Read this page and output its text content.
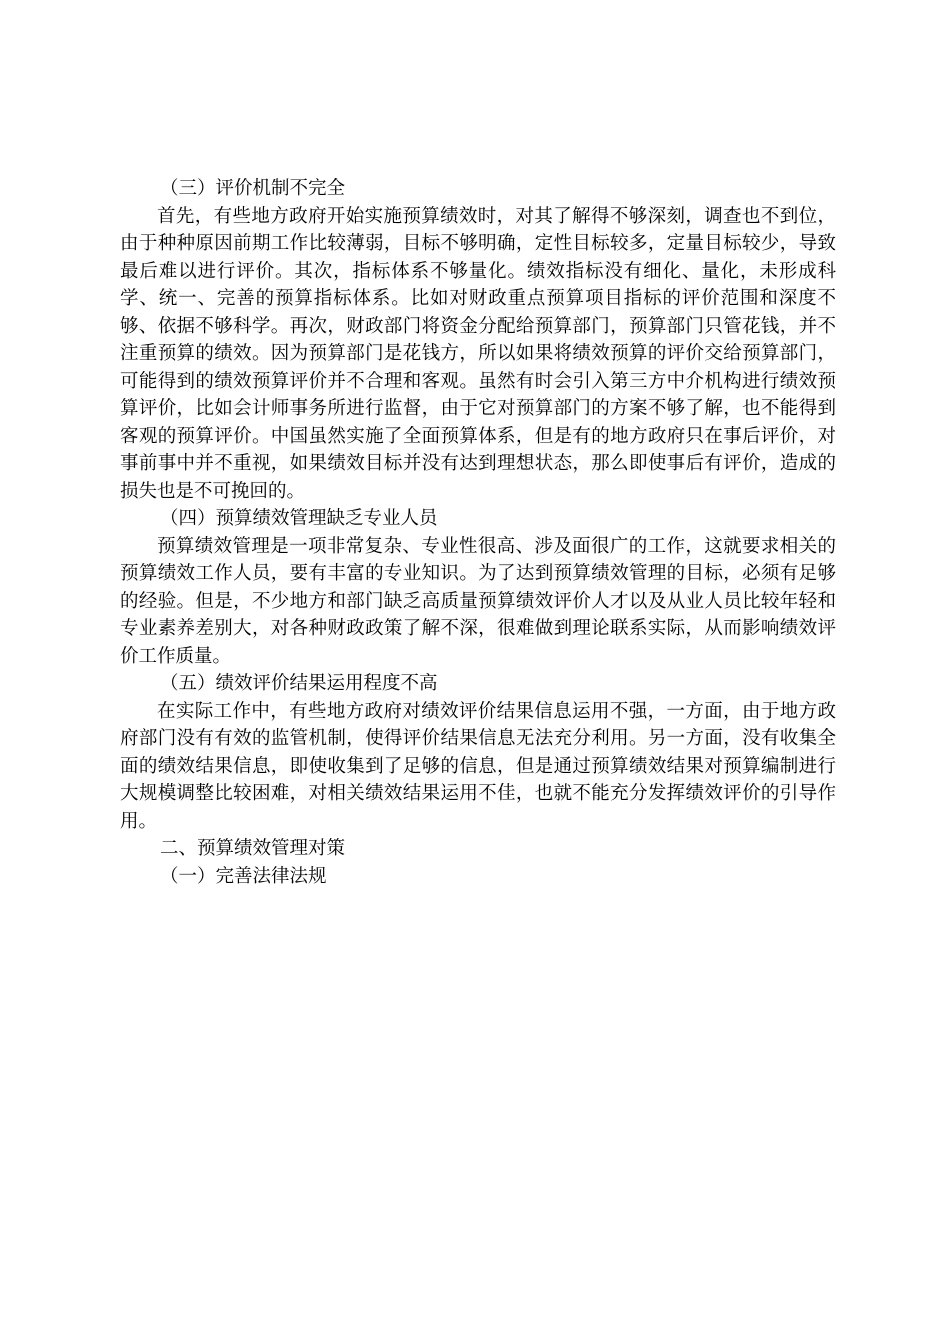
（三）评价机制不完全

首先，有些地方政府开始实施预算绩效时，对其了解得不够深刻，调查也不到位，由于种种原因前期工作比较薄弱，目标不够明确，定性目标较多，定量目标较少，导致最后难以进行评价。其次，指标体系不够量化。绩效指标没有细化、量化，未形成科学、统一、完善的预算指标体系。比如对财政重点预算项目指标的评价范围和深度不够、依据不够科学。再次，财政部门将资金分配给预算部门，预算部门只管花钱，并不注重预算的绩效。因为预算部门是花钱方，所以如果将绩效预算的评价交给预算部门，可能得到的绩效预算评价并不合理和客观。虽然有时会引入第三方中介机构进行绩效预算评价，比如会计师事务所进行监督，由于它对预算部门的方案不够了解，也不能得到客观的预算评价。中国虽然实施了全面预算体系，但是有的地方政府只在事后评价，对事前事中并不重视，如果绩效目标并没有达到理想状态，那么即使事后有评价，造成的损失也是不可挽回的。

（四）预算绩效管理缺乏专业人员

预算绩效管理是一项非常复杂、专业性很高、涉及面很广的工作，这就要求相关的预算绩效工作人员，要有丰富的专业知识。为了达到预算绩效管理的目标，必须有足够的经验。但是，不少地方和部门缺乏高质量预算绩效评价人才以及从业人员比较年轻和专业素养差别大，对各种财政政策了解不深，很难做到理论联系实际，从而影响绩效评价工作质量。

（五）绩效评价结果运用程度不高

在实际工作中，有些地方政府对绩效评价结果信息运用不强，一方面，由于地方政府部门没有有效的监管机制，使得评价结果信息无法充分利用。另一方面，没有收集全面的绩效结果信息，即使收集到了足够的信息，但是通过预算绩效结果对预算编制进行大规模调整比较困难，对相关绩效结果运用不佳，也就不能充分发挥绩效评价的引导作用。

二、预算绩效管理对策

（一）完善法律法规
